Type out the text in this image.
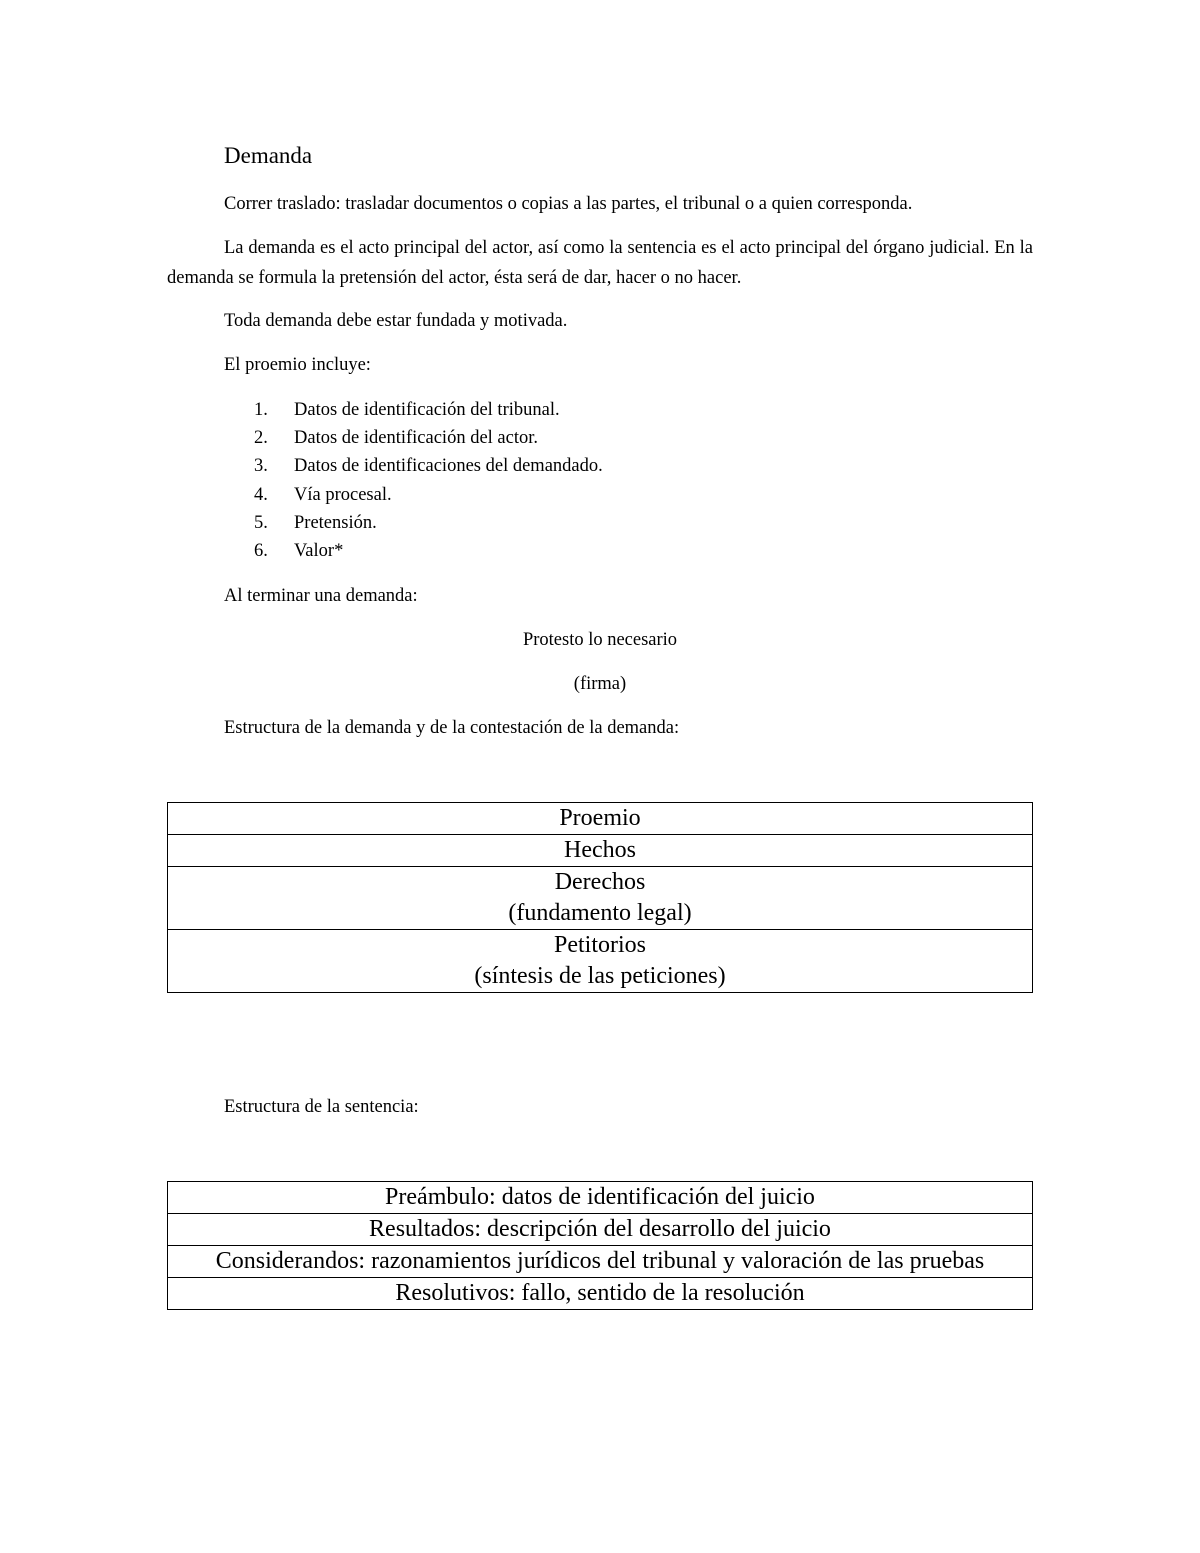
Demanda

Correr traslado: trasladar documentos o copias a las partes, el tribunal o a quien corresponda.

La demanda es el acto principal del actor, así como la sentencia es el acto principal del órgano judicial. En la demanda se formula la pretensión del actor, ésta será de dar, hacer o no hacer.

Toda demanda debe estar fundada y motivada.

El proemio incluye:

1. Datos de identificación del tribunal.
2. Datos de identificación del actor.
3. Datos de identificaciones del demandado.
4. Vía procesal.
5. Pretensión.
6. Valor*

Al terminar una demanda:

Protesto lo necesario

(firma)

Estructura de la demanda y de la contestación de la demanda:

Proemio

Hechos

Derechos
(fundamento legal)

Petitorios
(síntesis de las peticiones)

Estructura de la sentencia:

Preámbulo: datos de identificación del juicio
Resultados: descripción del desarrollo del juicio
Considerandos: razonamientos jurídicos del tribunal y valoración de las pruebas
Resolutivos: fallo, sentido de la resolución
